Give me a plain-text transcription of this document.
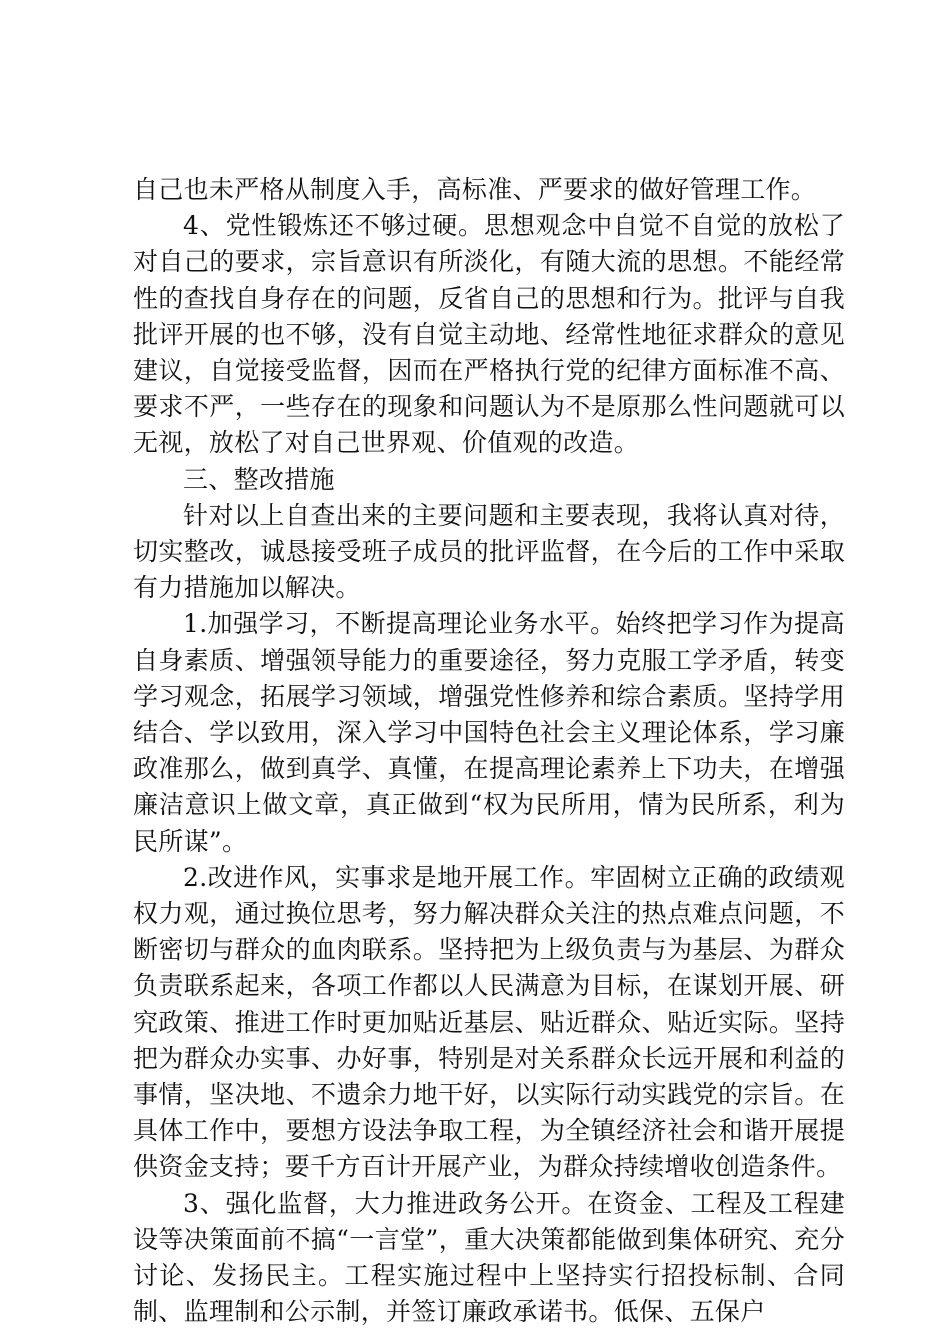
自己也未严格从制度入手，高标准、严要求的做好管理工作。

4、党性锻炼还不够过硬。思想观念中自觉不自觉的放松了对自己的要求，宗旨意识有所淡化，有随大流的思想。不能经常性的查找自身存在的问题，反省自己的思想和行为。批评与自我批评开展的也不够，没有自觉主动地、经常性地征求群众的意见建议，自觉接受监督，因而在严格执行党的纪律方面标准不高、要求不严，一些存在的现象和问题认为不是原那么性问题就可以无视，放松了对自己世界观、价值观的改造。

三、整改措施

针对以上自查出来的主要问题和主要表现，我将认真对待，切实整改，诚恳接受班子成员的批评监督，在今后的工作中采取有力措施加以解决。

1.加强学习，不断提高理论业务水平。始终把学习作为提高自身素质、增强领导能力的重要途径，努力克服工学矛盾，转变学习观念，拓展学习领域，增强党性修养和综合素质。坚持学用结合、学以致用，深入学习中国特色社会主义理论体系，学习廉政准那么，做到真学、真懂，在提高理论素养上下功夫，在增强廉洁意识上做文章，真正做到“权为民所用，情为民所系，利为民所谋”。

2.改进作风，实事求是地开展工作。牢固树立正确的政绩观权力观，通过换位思考，努力解决群众关注的热点难点问题，不断密切与群众的血肉联系。坚持把为上级负责与为基层、为群众负责联系起来，各项工作都以人民满意为目标，在谋划开展、研究政策、推进工作时更加贴近基层、贴近群众、贴近实际。坚持把为群众办实事、办好事，特别是对关系群众长远开展和利益的事情，坚决地、不遗余力地干好，以实际行动实践党的宗旨。在具体工作中，要想方设法争取工程，为全镇经济社会和谐开展提供资金支持；要千方百计开展产业，为群众持续增收创造条件。

3、强化监督，大力推进政务公开。在资金、工程及工程建设等决策面前不搞“一言堂”，重大决策都能做到集体研究、充分讨论、发扬民主。工程实施过程中上坚持实行招投标制、合同制、监理制和公示制，并签订廉政承诺书。低保、五保户
